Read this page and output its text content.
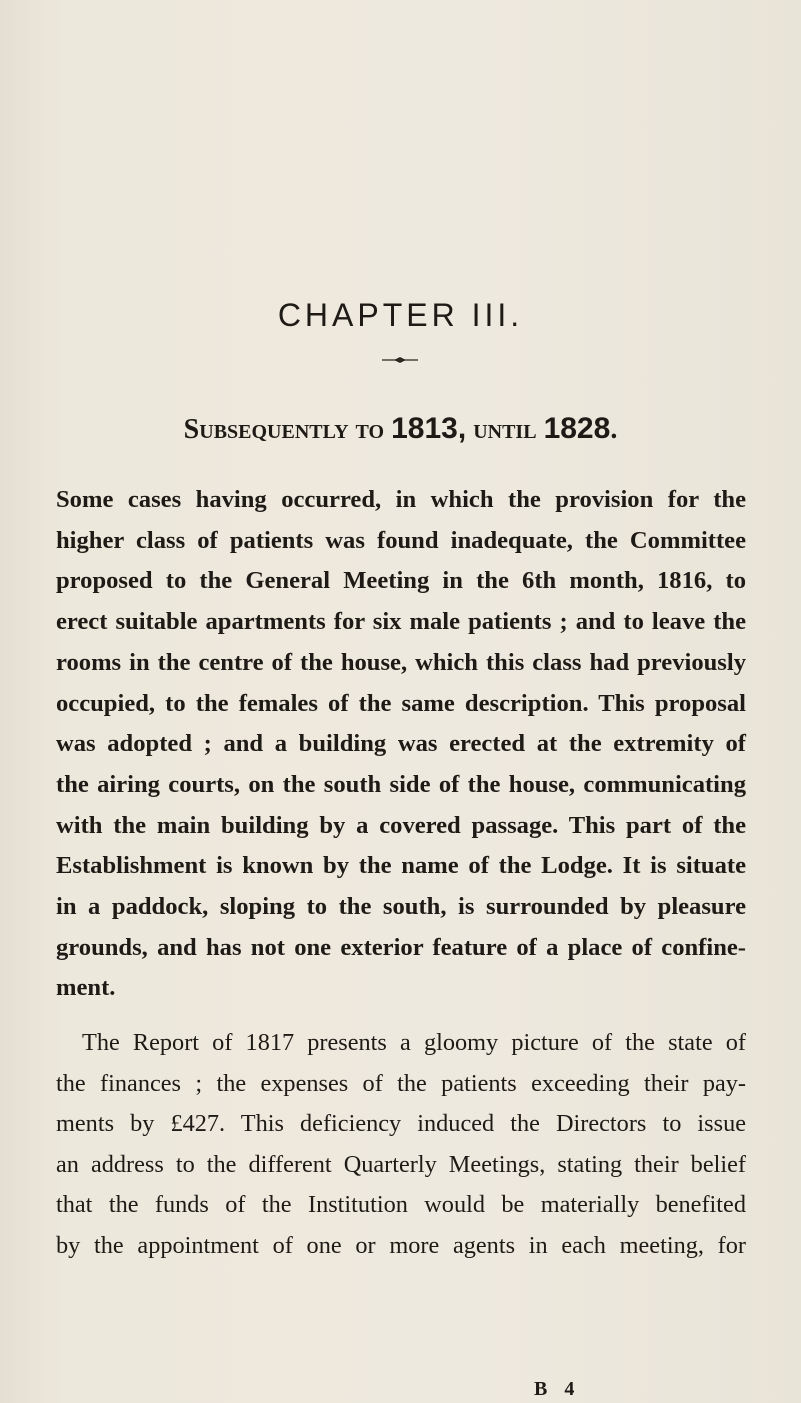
CHAPTER III.
Subsequently to 1813, until 1828.

Some cases having occurred, in which the provision for the
higher class of patients was found inadequate, the Committee
proposed to the General Meeting in the 6th month, 1816, to
erect suitable apartments for six male patients ; and to leave the
rooms in the centre of the house, which this class had previously
occupied, to the females of the same description. This proposal
was adopted ; and a building was erected at the extremity of
the airing courts, on the south side of the house, communicating
with the main building by a covered passage. This part of the
Establishment is known by the name of the Lodge. It is situate
in a paddock, sloping to the south, is surrounded by pleasure
grounds, and has not one exterior feature of a place of confine-
ment.

The Report of 1817 presents a gloomy picture of the state of
the finances ; the expenses of the patients exceeding their pay-
ments by £427. This deficiency induced the Directors to issue
an address to the different Quarterly Meetings, stating their belief
that the funds of the Institution would be materially benefited
by the appointment of one or more agents in each meeting, for

B 4
